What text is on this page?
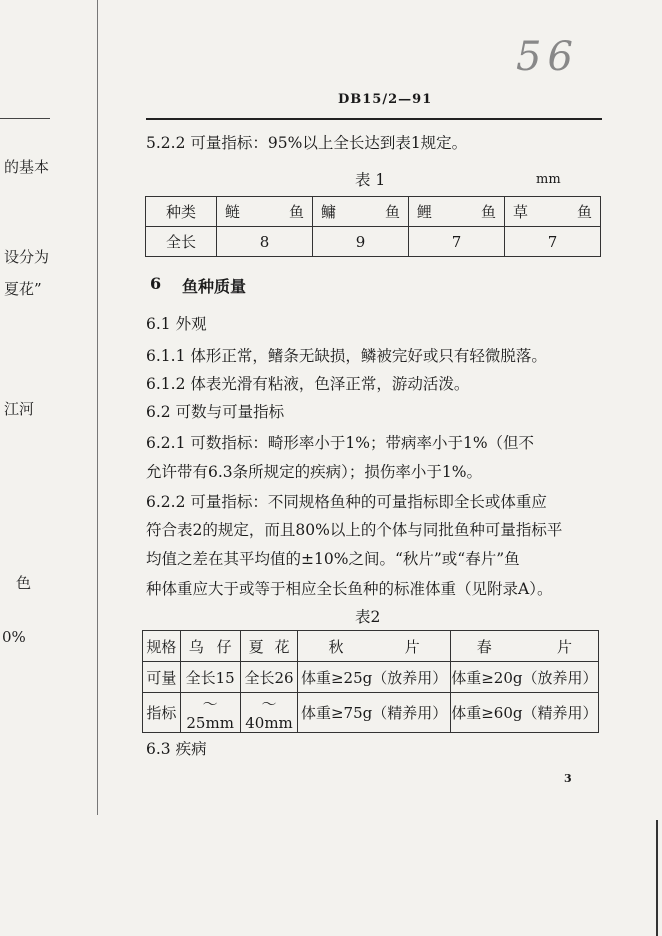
的基本
设分为
夏花”
江河
色
0%
56
DB15/2—91
5.2.2 可量指标：95%以上全长达到表1规定。
表 1	mm
种类	鲢 鱼	鳙 鱼	鲤 鱼	草 鱼

全长	8	9	7	7
6 鱼种质量
6.1 外观
6.1.1 体形正常，鳍条无缺损，鳞被完好或只有轻微脱落。
6.1.2 体表光滑有粘液，色泽正常，游动活泼。
6.2 可数与可量指标
6.2.1 可数指标：畸形率小于1%；带病率小于1%（但不
允许带有6.3条所规定的疾病）；损伤率小于1%。
6.2.2 可量指标：不同规格鱼种的可量指标即全长或体重应
符合表2的规定，而且80%以上的个体与同批鱼种可量指标平
均值之差在其平均值的±10%之间。“秋片”或“春片”鱼
种体重应大于或等于相应全长鱼种的标准体重（见附录A）。
表2
规格	乌 仔	夏 花	秋 片	春 片

可量	全长15	全长26	体重≥25g（放养用）	体重≥20g（放养用）
指标	～25mm	～40mm	体重≥75g（精养用）	体重≥60g（精养用）
6.3 疾病
3
